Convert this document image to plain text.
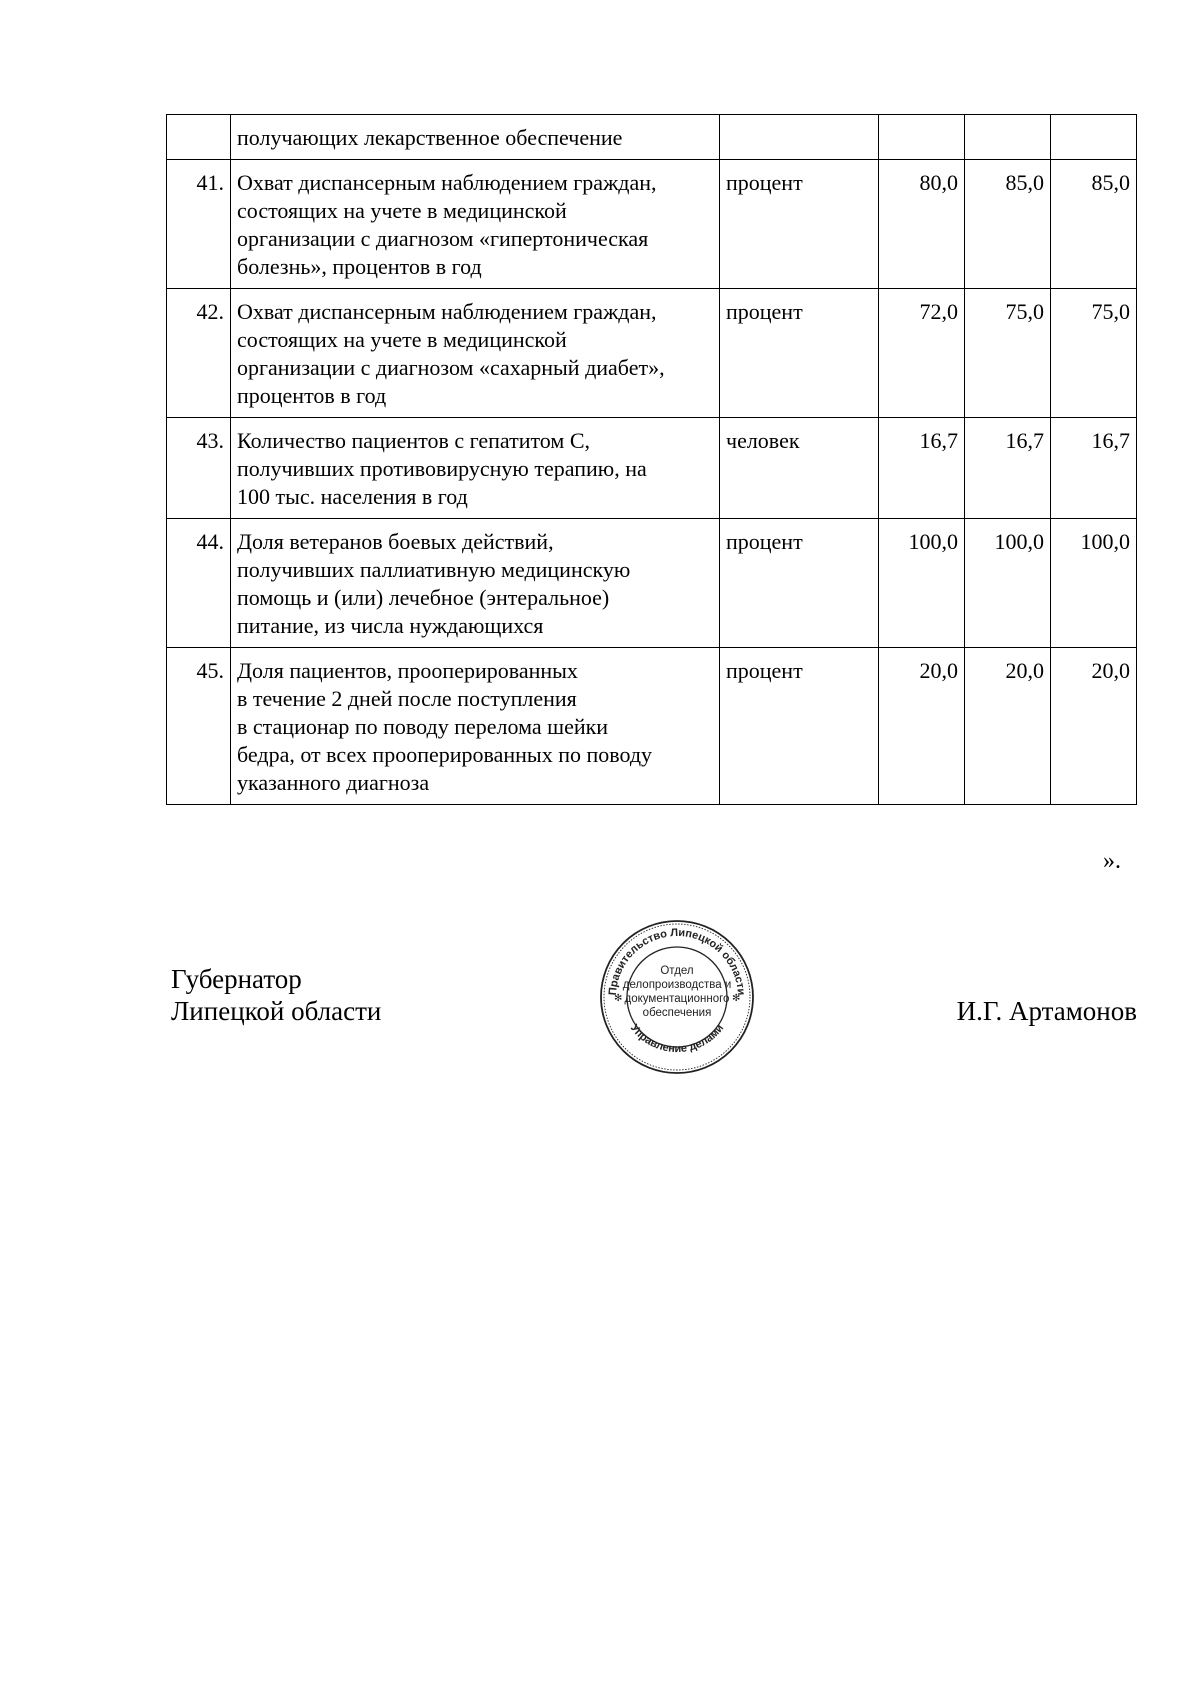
	получающих лекарственное обеспечение				
41.	Охват диспансерным наблюдением граждан,
состоящих на учете в медицинской
организации с диагнозом «гипертоническая
болезнь», процентов в год	процент	80,0	85,0	85,0
42.	Охват диспансерным наблюдением граждан,
состоящих на учете в медицинской
организации с диагнозом «сахарный диабет»,
процентов в год	процент	72,0	75,0	75,0
43.	Количество пациентов с гепатитом С,
получивших противовирусную терапию, на
100 тыс. населения в год	человек	16,7	16,7	16,7
44.	Доля ветеранов боевых действий,
получивших паллиативную медицинскую
помощь и (или) лечебное (энтеральное)
питание, из числа нуждающихся	процент	100,0	100,0	100,0
45.	Доля пациентов, прооперированных
в течение 2 дней после поступления
в стационар по поводу перелома шейки
бедра, от всех прооперированных по поводу
указанного диагноза	процент	20,0	20,0	20,0
».
Губернатор
Липецкой области
Правительство Липецкой области
Управление делами
✻	✻
Отдел
делопроизводства и
документационного
обеспечения	И.Г. Артамонов
